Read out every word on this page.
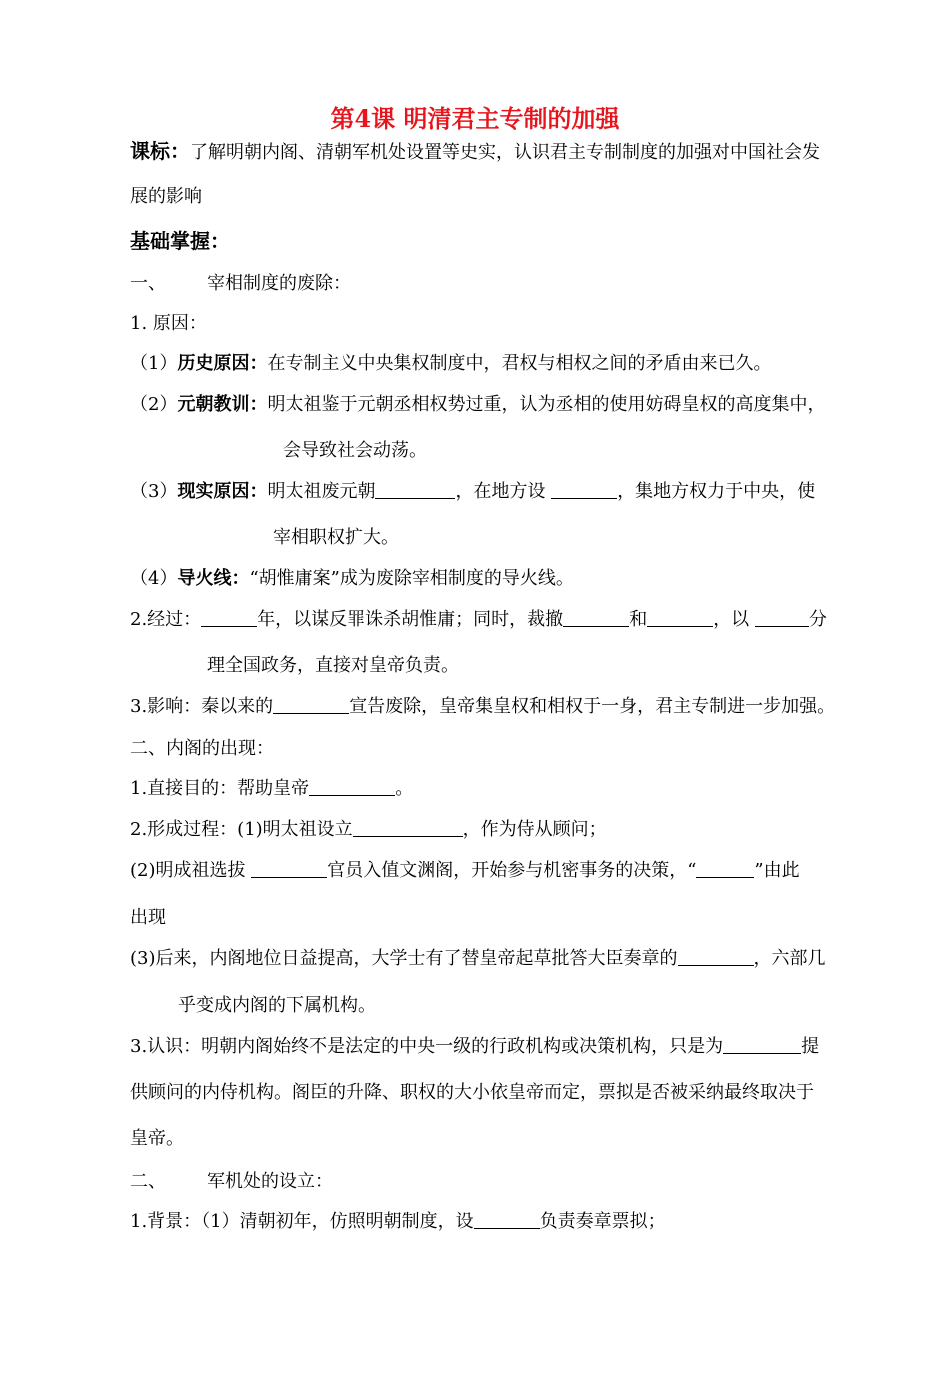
第4课 明清君主专制的加强
课标：了解明朝内阁、清朝军机处设置等史实，认识君主专制制度的加强对中国社会发
展的影响
基础掌握：
一、 宰相制度的废除：
1. 原因：
（1）历史原因：在专制主义中央集权制度中，君权与相权之间的矛盾由来已久。
（2）元朝教训：明太祖鉴于元朝丞相权势过重，认为丞相的使用妨碍皇权的高度集中，
会导致社会动荡。
（3）现实原因：明太祖废元朝	，在地方设	，集地方权力于中央，使
宰相职权扩大。
（4）导火线：“胡惟庸案”成为废除宰相制度的导火线。
2.经过：	年，以谋反罪诛杀胡惟庸；同时，裁撤	和	，以	分
理全国政务，直接对皇帝负责。
3.影响：秦以来的	宣告废除，皇帝集皇权和相权于一身，君主专制进一步加强。
二、内阁的出现：
1.直接目的：帮助皇帝	。
2.形成过程：(1)明太祖设立	，作为侍从顾问；
(2)明成祖选拔	官员入值文渊阁，开始参与机密事务的决策，“	”由此
出现
(3)后来，内阁地位日益提高，大学士有了替皇帝起草批答大臣奏章的	，六部几
乎变成内阁的下属机构。
3.认识：明朝内阁始终不是法定的中央一级的行政机构或决策机构，只是为	提
供顾问的内侍机构。阁臣的升降、职权的大小依皇帝而定，票拟是否被采纳最终取决于
皇帝。
二、 军机处的设立：
1.背景：（1）清朝初年，仿照明朝制度，设	负责奏章票拟；
